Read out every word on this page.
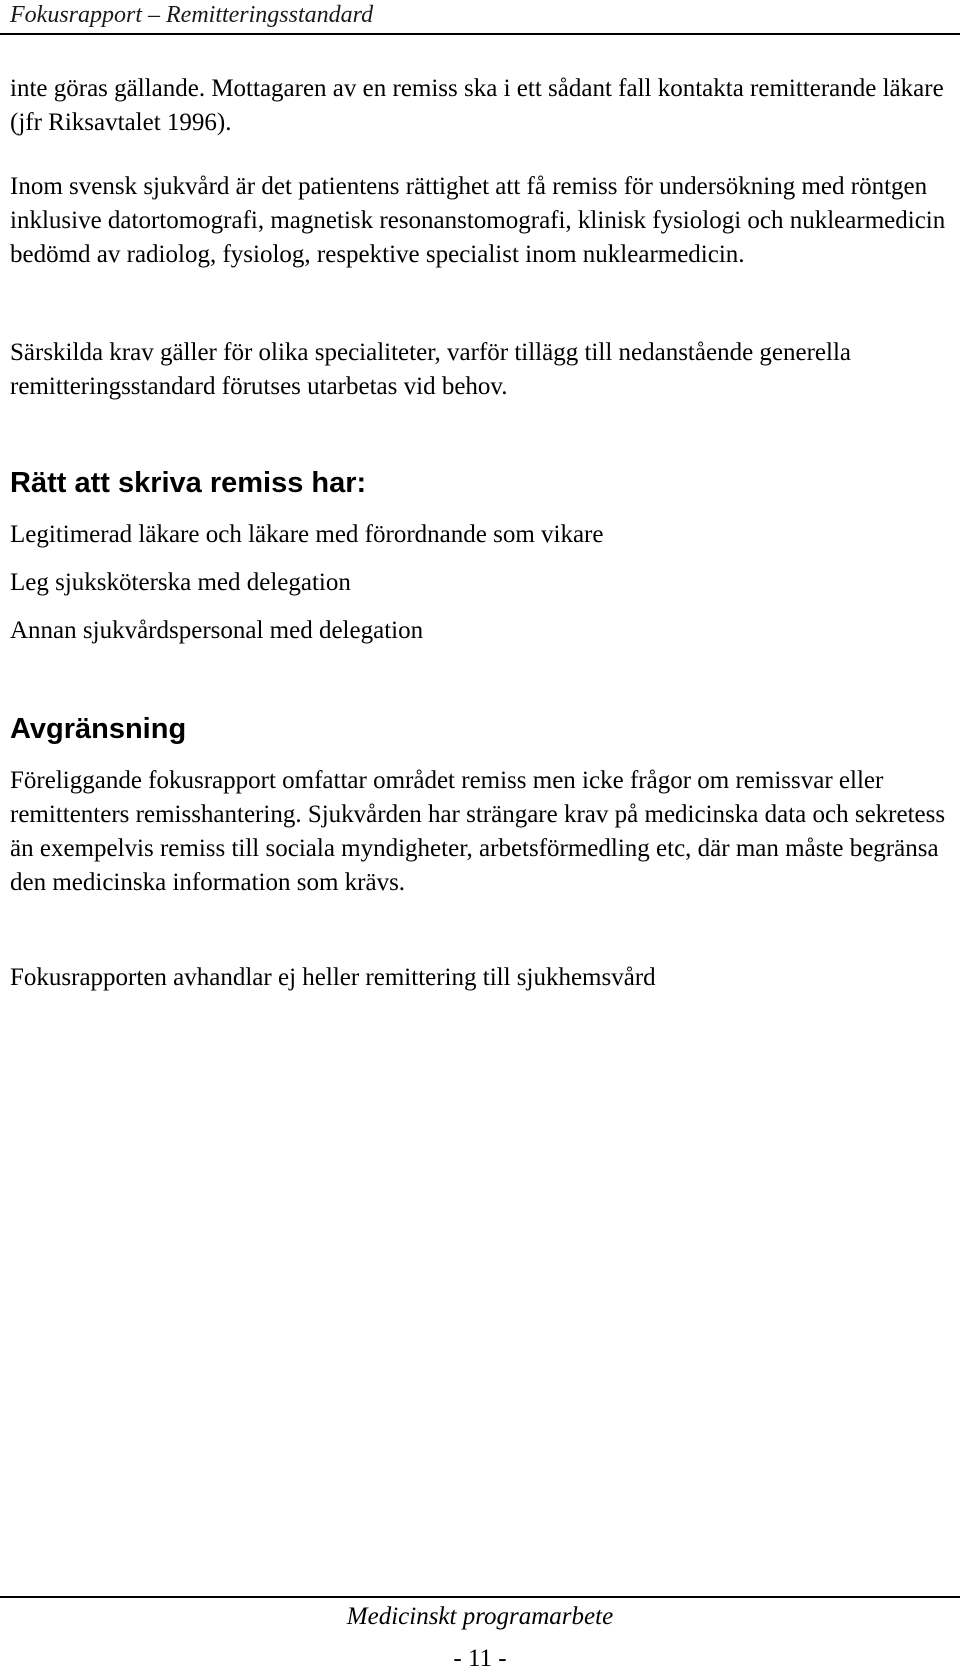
Fokusrapport – Remitteringsstandard

inte göras gällande. Mottagaren av en remiss ska i ett sådant fall kontakta remitterande läkare (jfr Riksavtalet 1996).

Inom svensk sjukvård är det patientens rättighet att få remiss för undersökning med röntgen inklusive datortomografi, magnetisk resonanstomografi, klinisk fysiologi och nuklearmedicin bedömd av radiolog, fysiolog, respektive specialist inom nuklearmedicin.

Särskilda krav gäller för olika specialiteter, varför tillägg till nedanstående generella remitteringsstandard förutses utarbetas vid behov.

Rätt att skriva remiss har:

Legitimerad läkare och läkare med förordnande som vikare

Leg sjuksköterska med delegation

Annan sjukvårdspersonal med delegation

Avgränsning

Föreliggande fokusrapport omfattar området remiss men icke frågor om remissvar eller remittenters remisshantering. Sjukvården har strängare krav på medicinska data och sekretess än exempelvis remiss till sociala myndigheter, arbetsförmedling etc, där man måste begränsa den medicinska information som krävs.

Fokusrapporten avhandlar ej heller remittering till sjukhemsvård

Medicinskt programarbete
- 11 -
